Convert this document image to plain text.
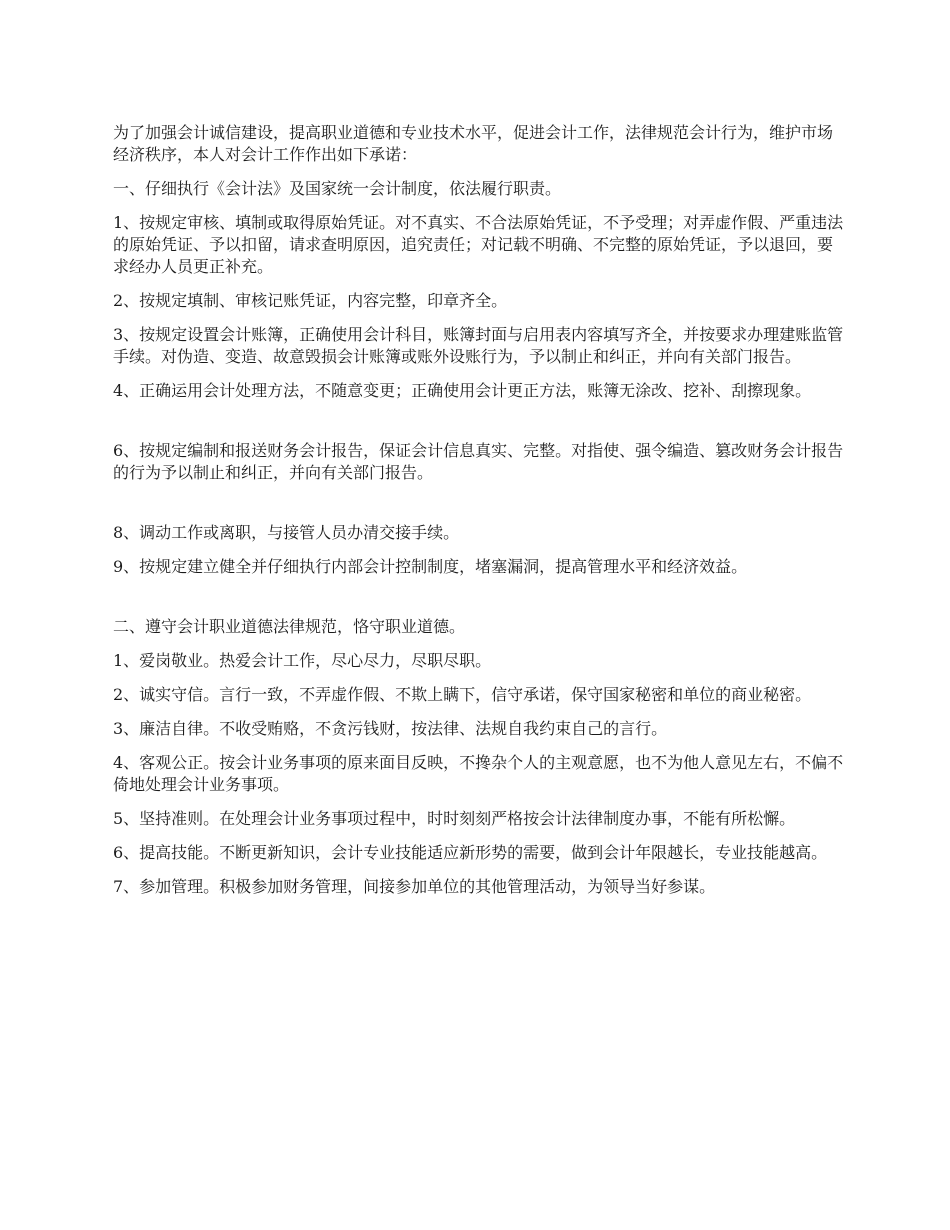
为了加强会计诚信建设，提高职业道德和专业技术水平，促进会计工作，法律规范会计行为，维护市场经济秩序，本人对会计工作作出如下承诺：

一、仔细执行《会计法》及国家统一会计制度，依法履行职责。

1、按规定审核、填制或取得原始凭证。对不真实、不合法原始凭证，不予受理；对弄虚作假、严重违法的原始凭证、予以扣留，请求查明原因，追究责任；对记载不明确、不完整的原始凭证，予以退回，要求经办人员更正补充。

2、按规定填制、审核记账凭证，内容完整，印章齐全。

3、按规定设置会计账簿，正确使用会计科目，账簿封面与启用表内容填写齐全，并按要求办理建账监管手续。对伪造、变造、故意毁损会计账簿或账外设账行为，予以制止和纠正，并向有关部门报告。

4、正确运用会计处理方法，不随意变更；正确使用会计更正方法，账簿无涂改、挖补、刮擦现象。

6、按规定编制和报送财务会计报告，保证会计信息真实、完整。对指使、强令编造、篡改财务会计报告的行为予以制止和纠正，并向有关部门报告。

8、调动工作或离职，与接管人员办清交接手续。

9、按规定建立健全并仔细执行内部会计控制制度，堵塞漏洞，提高管理水平和经济效益。

二、遵守会计职业道德法律规范，恪守职业道德。

1、爱岗敬业。热爱会计工作，尽心尽力，尽职尽职。

2、诚实守信。言行一致，不弄虚作假、不欺上瞒下，信守承诺，保守国家秘密和单位的商业秘密。

3、廉洁自律。不收受贿赂，不贪污钱财，按法律、法规自我约束自己的言行。

4、客观公正。按会计业务事项的原来面目反映，不搀杂个人的主观意愿，也不为他人意见左右，不偏不倚地处理会计业务事项。

5、坚持准则。在处理会计业务事项过程中，时时刻刻严格按会计法律制度办事，不能有所松懈。

6、提高技能。不断更新知识，会计专业技能适应新形势的需要，做到会计年限越长，专业技能越高。

7、参加管理。积极参加财务管理，间接参加单位的其他管理活动，为领导当好参谋。
